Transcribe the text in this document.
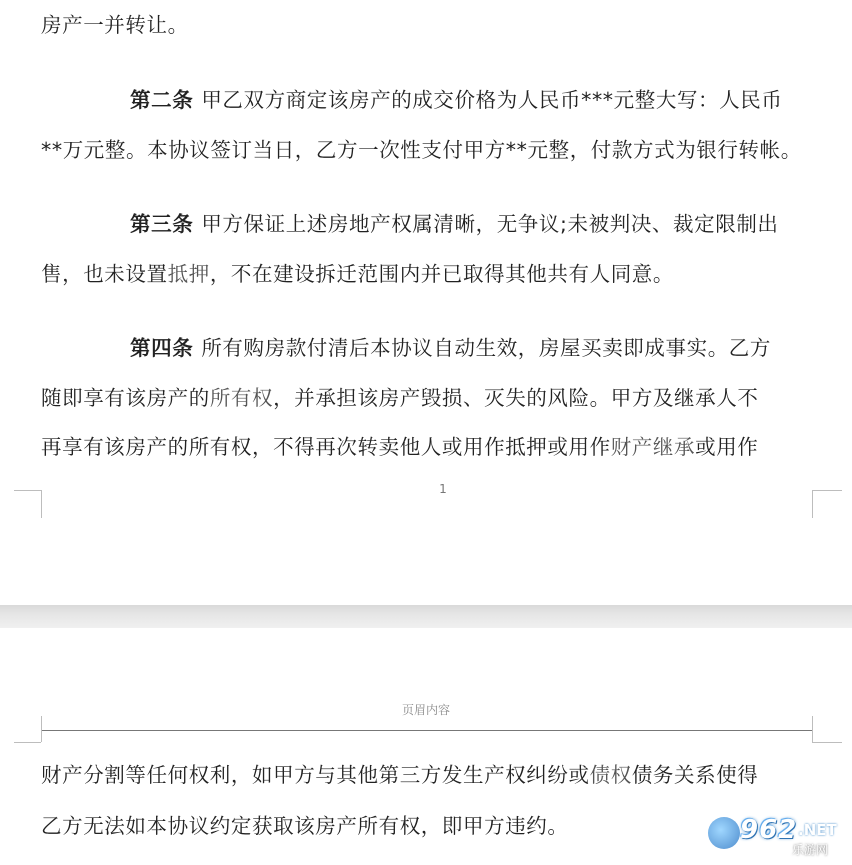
房产一并转让。
第二条 甲乙双方商定该房产的成交价格为人民币***元整大写：人民币
**万元整。本协议签订当日，乙方一次性支付甲方**元整，付款方式为银行转帐。
第三条 甲方保证上述房地产权属清晰，无争议;未被判决、裁定限制出
售，也未设置抵押，不在建设拆迁范围内并已取得其他共有人同意。
第四条 所有购房款付清后本协议自动生效，房屋买卖即成事实。乙方
随即享有该房产的所有权，并承担该房产毁损、灭失的风险。甲方及继承人不
再享有该房产的所有权，不得再次转卖他人或用作抵押或用作财产继承或用作
1
财产分割等任何权利，如甲方与其他第三方发生产权纠纷或债权债务关系使得
乙方无法如本协议约定获取该房产所有权，即甲方违约。
页眉内容
962 .NET
乐游网
